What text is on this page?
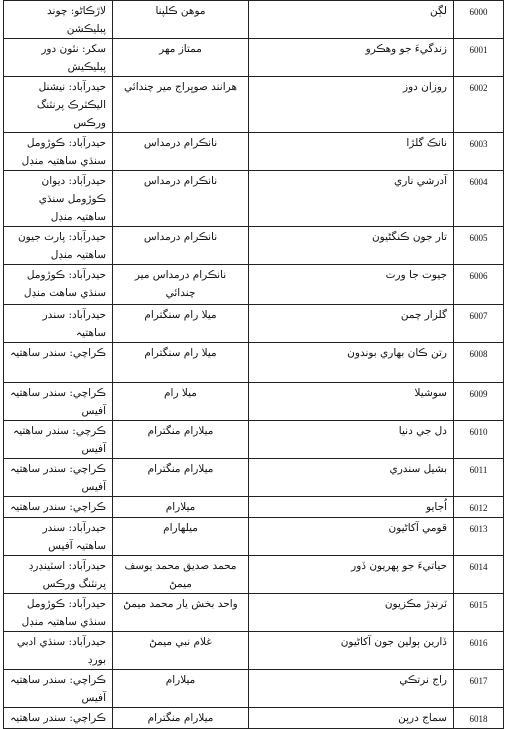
لاڙڪاڻو: چوند پبليڪشن	موهن ڪلپنا	لڳن	6000
سکر: نئون دور پبليڪيش	ممتاز مهر	زندگيءَ جو وهڪرو	6001
حيدرآباد: نيشنل اليڪٽرڪ پرنٽنگ ورڪس	هرانند صوڀراج مير چندائي	روزان دوز	6002
حيدرآباد: ڪوڙومل سنڌي ساهتيہ منڊل	نانڪرام درمداس	نانڪ گلڙا	6003
حيدرآباد: ديوان ڪوڙومل سنڌي ساهتيہ منڊل	نانڪرام درمداس	آدرشي ناري	6004
حيدرآباد: پارت جيون ساهتيہ منڊل	نانڪرام درمداس	تار جون ڪنگڻيون	6005
حيدرآباد: ڪوڙومل سنڌي ساهت منڊل	نانڪرام درمداس مير چندائي	جيوت جا ورت	6006
حيدرآباد: سندر ساهتيہ	ميلا رام سنگترام	گلزار چمن	6007
ڪراچي: سندر ساهتيہ	ميلا رام سنگترام	رتن ڪان بهاري بوندون	6008
ڪراچي: سندر ساهتيہ آفيس	ميلا رام	سوشيلا	6009
ڪرچي: سندر ساهتيہ آفيس	ميلارام منگترام	دل جي دنيا	6010
ڪراچي: سندر ساهتيہ آفيس	ميلارام منگترام	بشيل سندري	6011
ڪراچي: سندر ساهتيہ	ميلارام	اُجايو	6012
حيدرآباد: سندر ساهتيہ آفيس	ميلهارام	قومي آکاڻيون	6013
حيدرآباد: اسٽينڊرڊ پرنٽنگ ورڪس	محمد صديق محمد يوسف ميمڻ	حياتيءَ جو پهريون ڏور	6014
حيدرآباد: ڪوڙومل سنڌي ساهتيہ منڊل	واحد بخش يار محمد ميمڻ	ٽرنڊڙ مڪزيون	6015
حيدرآباد: سنڌي ادبي بورڊ	غلام نبي ميمڻ	ڏارين ٻولين جون آکاڻيون	6016
ڪراچي: سندر ساهتيہ آفيس	ميلارام	راج نرتڪي	6017
ڪراچي: سندر ساهتيہ	ميلارام منگترام	سماج درپن	6018
